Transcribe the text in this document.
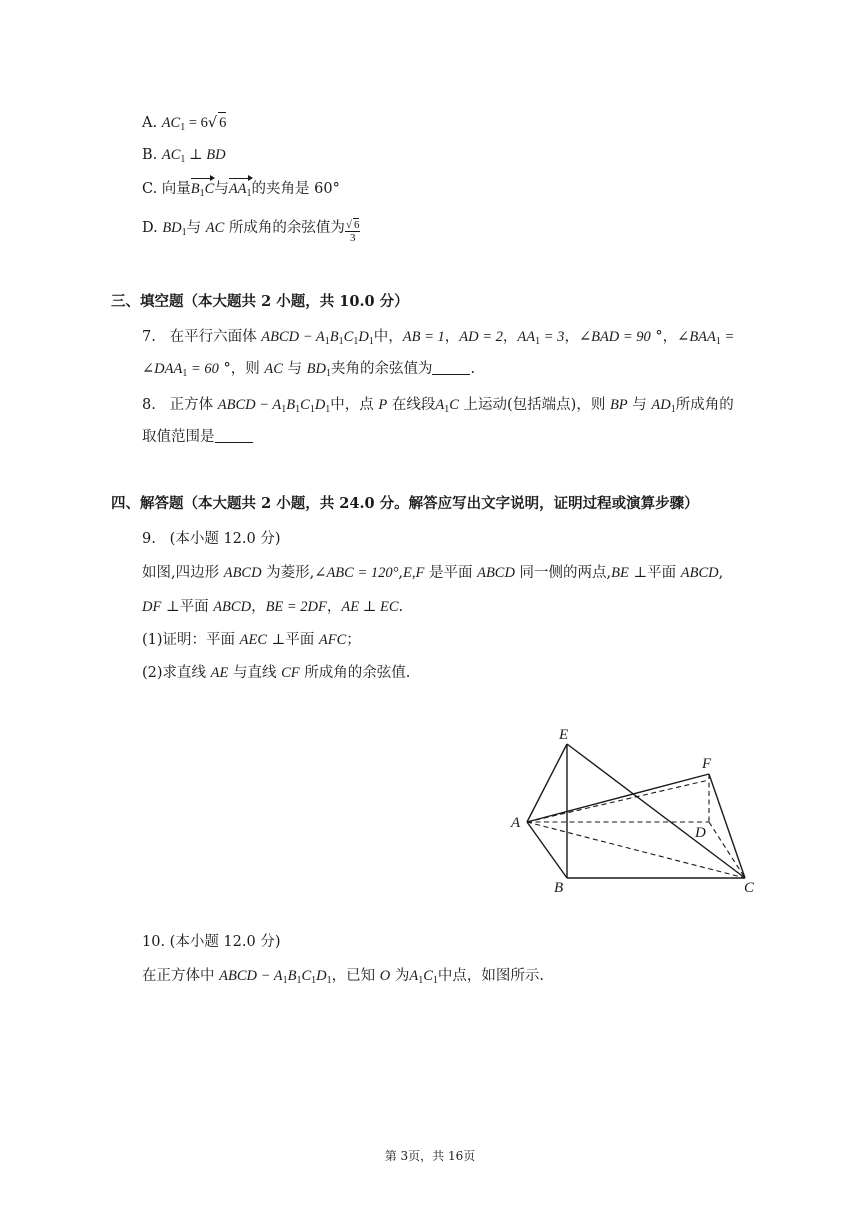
A. $AC_1 = 6√$ 6
B. $AC_1$ ⊥ BD
C. 向量$B_1C$与$AA_1$的夹角是 60°
D. $BD_1$与 AC 所成角的余弦值为 $\frac{√ 6}{3}$
三、填空题（本大题共 2 小题，共 10.0 分）
7. 在平行六面体 ABCD − $A_1B_1C_1D_1$中，AB = 1，AD = 2，$AA_1 = 3$，∠BAD = 90 °，$\angle BAA_1$ =
$\angle DAA_1 = 60$ °，则 AC 与 $BD_1$夹角的余弦值为	.
8. 正方体 ABCD − $A_1B_1C_1D_1$中，点 P 在线段$A_1C$ 上运动(包括端点)，则 BP 与 $AD_1$所成角的
取值范围是
四、解答题（本大题共 2 小题，共 24.0 分。解答应写出文字说明，证明过程或演算步骤）
9. (本小题 12.0 分)
如图,四边形 ABCD 为菱形,∠ABC = 120°,E,F 是平面 ABCD 同一侧的两点,BE ⊥平面 ABCD,
DF ⊥平面 ABCD，BE = 2DF，AE ⊥ EC.
(1)证明：平面 AEC ⊥平面 AFC；
(2)求直线 AE 与直线 CF 所成角的余弦值.
E
F
A
D
B	C
10. (本小题 12.0 分)
在正方体中 ABCD − $A_1B_1C_1D_1$，已知 O 为$A_1C_1$中点，如图所示.
第 3页，共 16页
